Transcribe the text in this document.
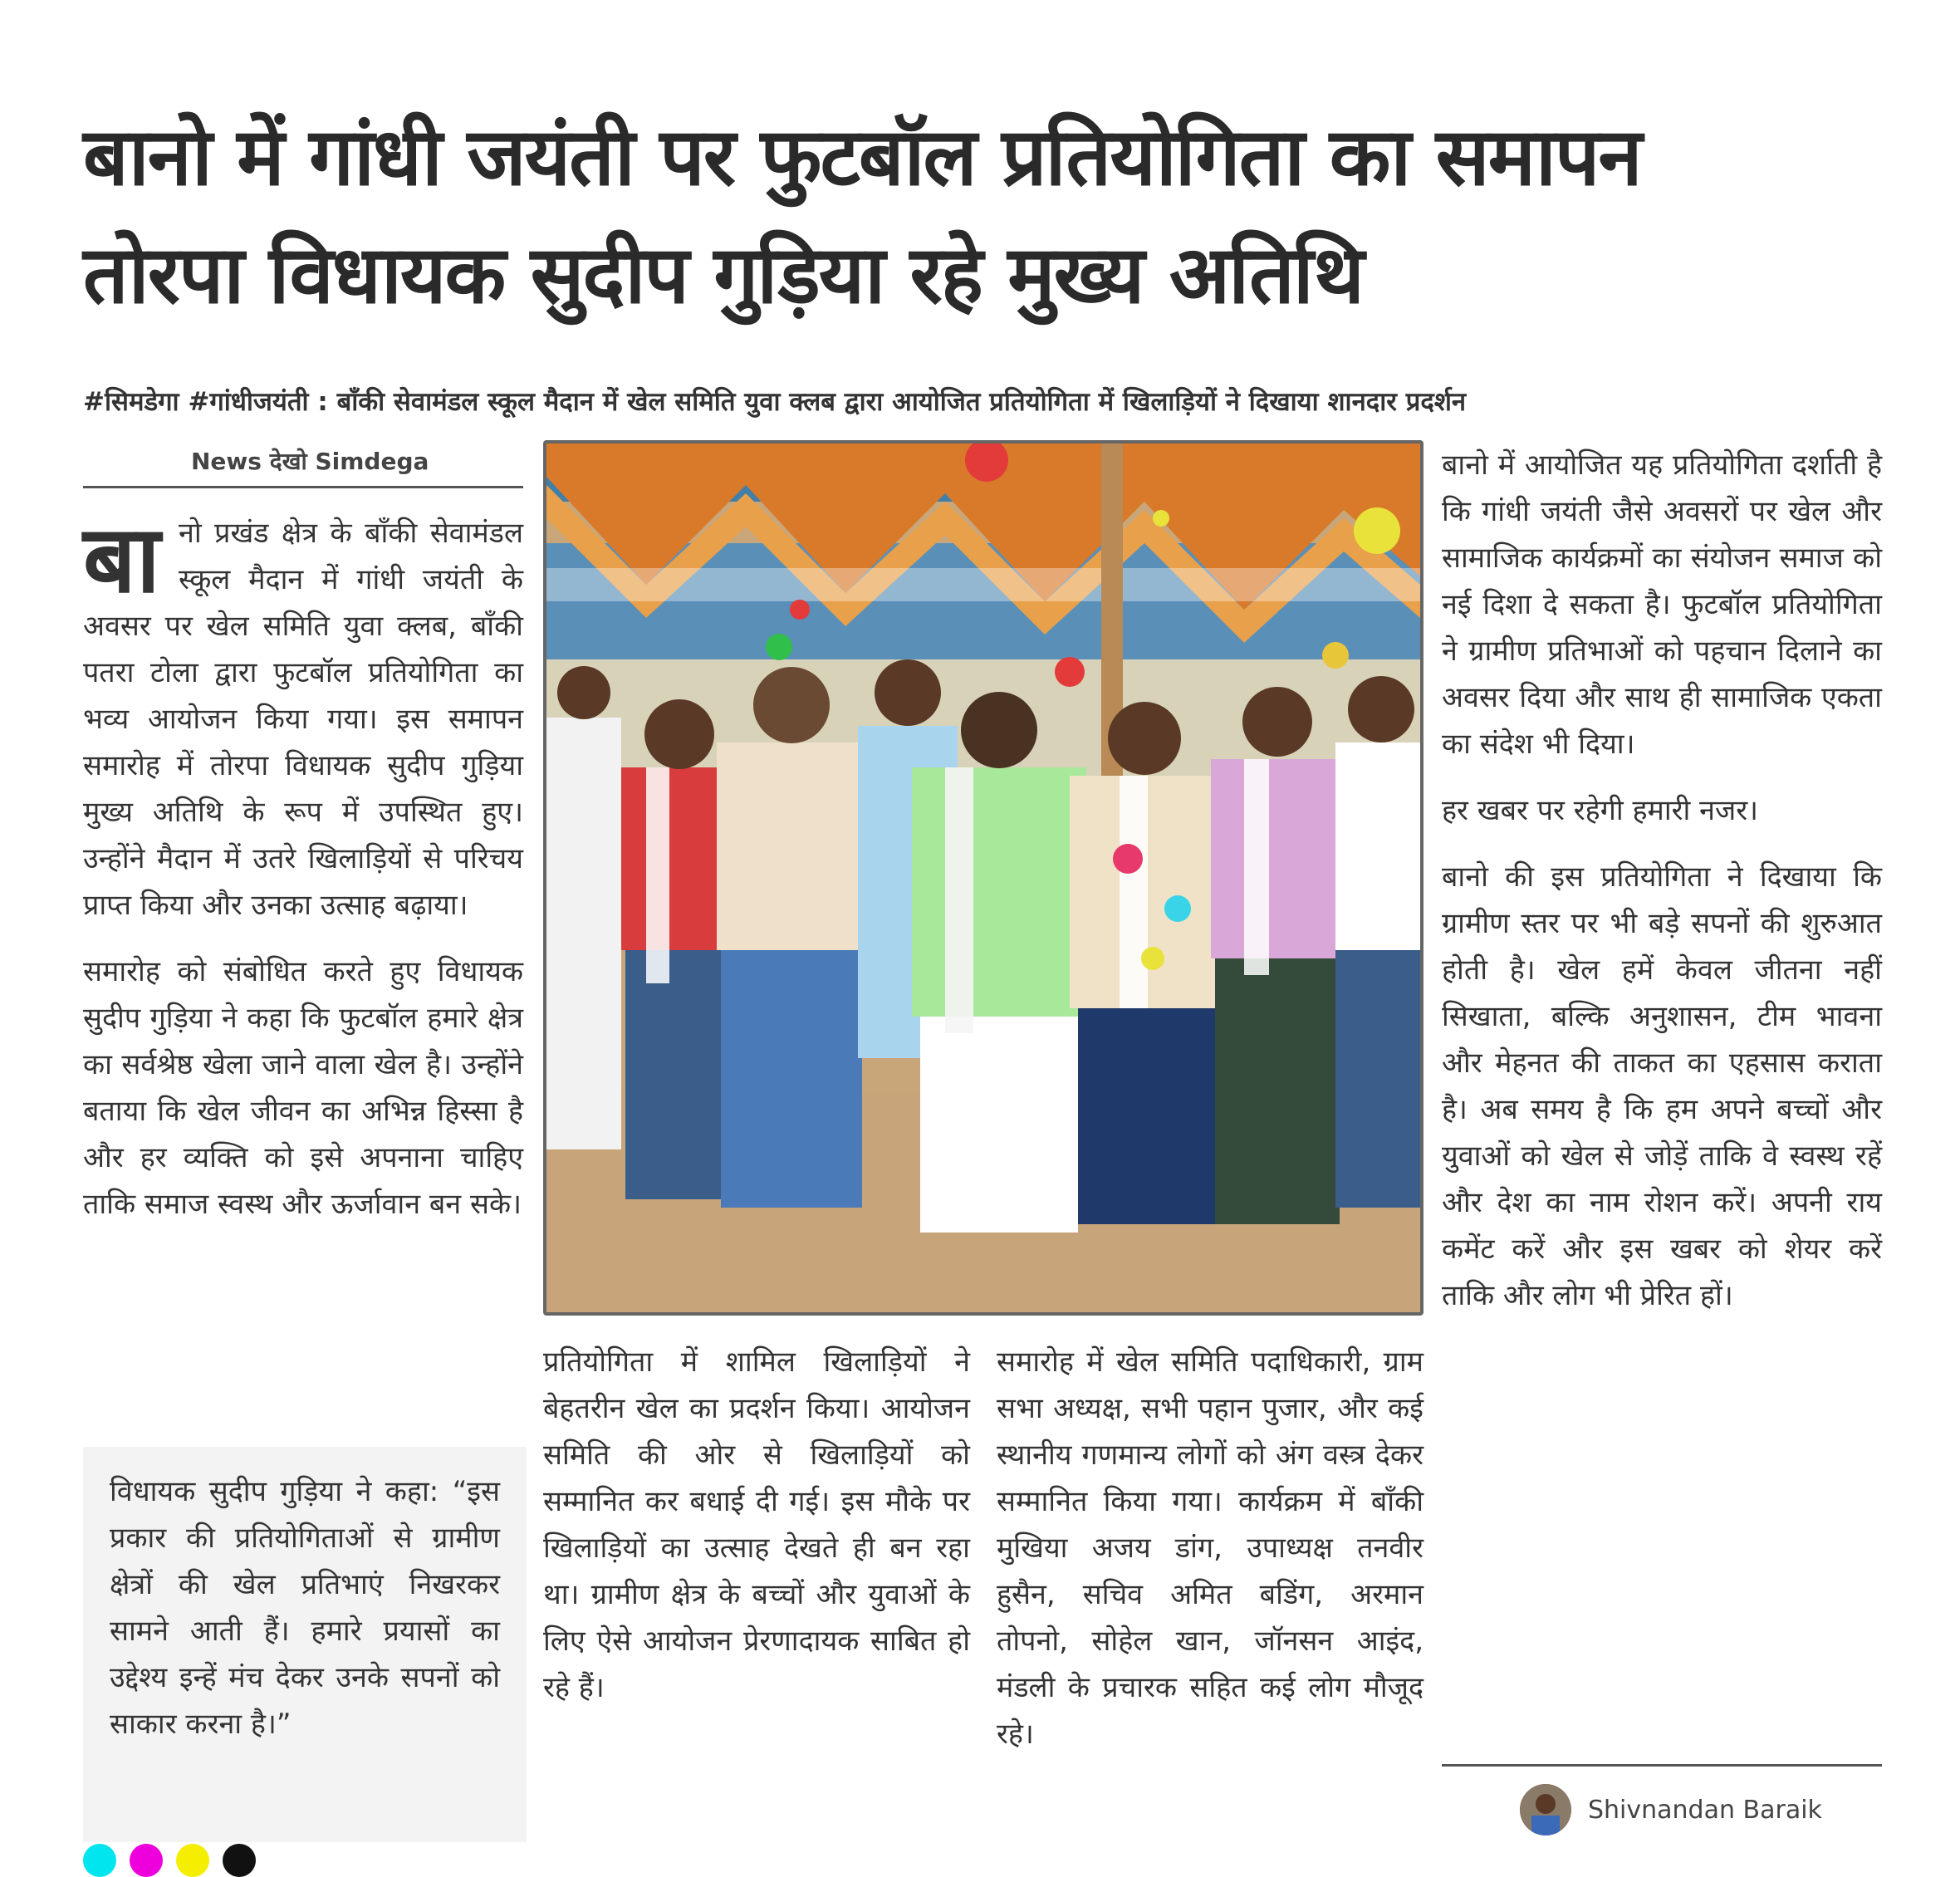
बानो में गांधी जयंती पर फुटबॉल प्रतियोगिता का समापन
तोरपा विधायक सुदीप गुड़िया रहे मुख्य अतिथि

#सिमडेगा #गांधीजयंती : बाँकी सेवामंडल स्कूल मैदान में खेल समिति युवा क्लब द्वारा आयोजित प्रतियोगिता में खिलाड़ियों ने दिखाया शानदार प्रदर्शन

News देखो Simdega

बानो प्रखंड क्षेत्र के बाँकी सेवामंडल स्कूल मैदान में गांधी जयंती के अवसर पर खेल समिति युवा क्लब, बाँकी पतरा टोला द्वारा फुटबॉल प्रतियोगिता का भव्य आयोजन किया गया। इस समापन समारोह में तोरपा विधायक सुदीप गुड़िया मुख्य अतिथि के रूप में उपस्थित हुए। उन्होंने मैदान में उतरे खिलाड़ियों से परिचय प्राप्त किया और उनका उत्साह बढ़ाया।

समारोह को संबोधित करते हुए विधायक सुदीप गुड़िया ने कहा कि फुटबॉल हमारे क्षेत्र का सर्वश्रेष्ठ खेला जाने वाला खेल है। उन्होंने बताया कि खेल जीवन का अभिन्न हिस्सा है और हर व्यक्ति को इसे अपनाना चाहिए ताकि समाज स्वस्थ और ऊर्जावान बन सके।

विधायक सुदीप गुड़िया ने कहा: “इस प्रकार की प्रतियोगिताओं से ग्रामीण क्षेत्रों की खेल प्रतिभाएं निखरकर सामने आती हैं। हमारे प्रयासों का उद्देश्य इन्हें मंच देकर उनके सपनों को साकार करना है।”

प्रतियोगिता में शामिल खिलाड़ियों ने बेहतरीन खेल का प्रदर्शन किया। आयोजन समिति की ओर से खिलाड़ियों को सम्मानित कर बधाई दी गई। इस मौके पर खिलाड़ियों का उत्साह देखते ही बन रहा था। ग्रामीण क्षेत्र के बच्चों और युवाओं के लिए ऐसे आयोजन प्रेरणादायक साबित हो रहे हैं।

समारोह में खेल समिति पदाधिकारी, ग्राम सभा अध्यक्ष, सभी पहान पुजार, और कई स्थानीय गणमान्य लोगों को अंग वस्त्र देकर सम्मानित किया गया। कार्यक्रम में बाँकी मुखिया अजय डांग, उपाध्यक्ष तनवीर हुसैन, सचिव अमित बडिंग, अरमान तोपनो, सोहेल खान, जॉनसन आइंद, मंडली के प्रचारक सहित कई लोग मौजूद रहे।

बानो में आयोजित यह प्रतियोगिता दर्शाती है कि गांधी जयंती जैसे अवसरों पर खेल और सामाजिक कार्यक्रमों का संयोजन समाज को नई दिशा दे सकता है। फुटबॉल प्रतियोगिता ने ग्रामीण प्रतिभाओं को पहचान दिलाने का अवसर दिया और साथ ही सामाजिक एकता का संदेश भी दिया।

हर खबर पर रहेगी हमारी नजर।

बानो की इस प्रतियोगिता ने दिखाया कि ग्रामीण स्तर पर भी बड़े सपनों की शुरुआत होती है। खेल हमें केवल जीतना नहीं सिखाता, बल्कि अनुशासन, टीम भावना और मेहनत की ताकत का एहसास कराता है। अब समय है कि हम अपने बच्चों और युवाओं को खेल से जोड़ें ताकि वे स्वस्थ रहें और देश का नाम रोशन करें। अपनी राय कमेंट करें और इस खबर को शेयर करें ताकि और लोग भी प्रेरित हों।

Shivnandan Baraik
